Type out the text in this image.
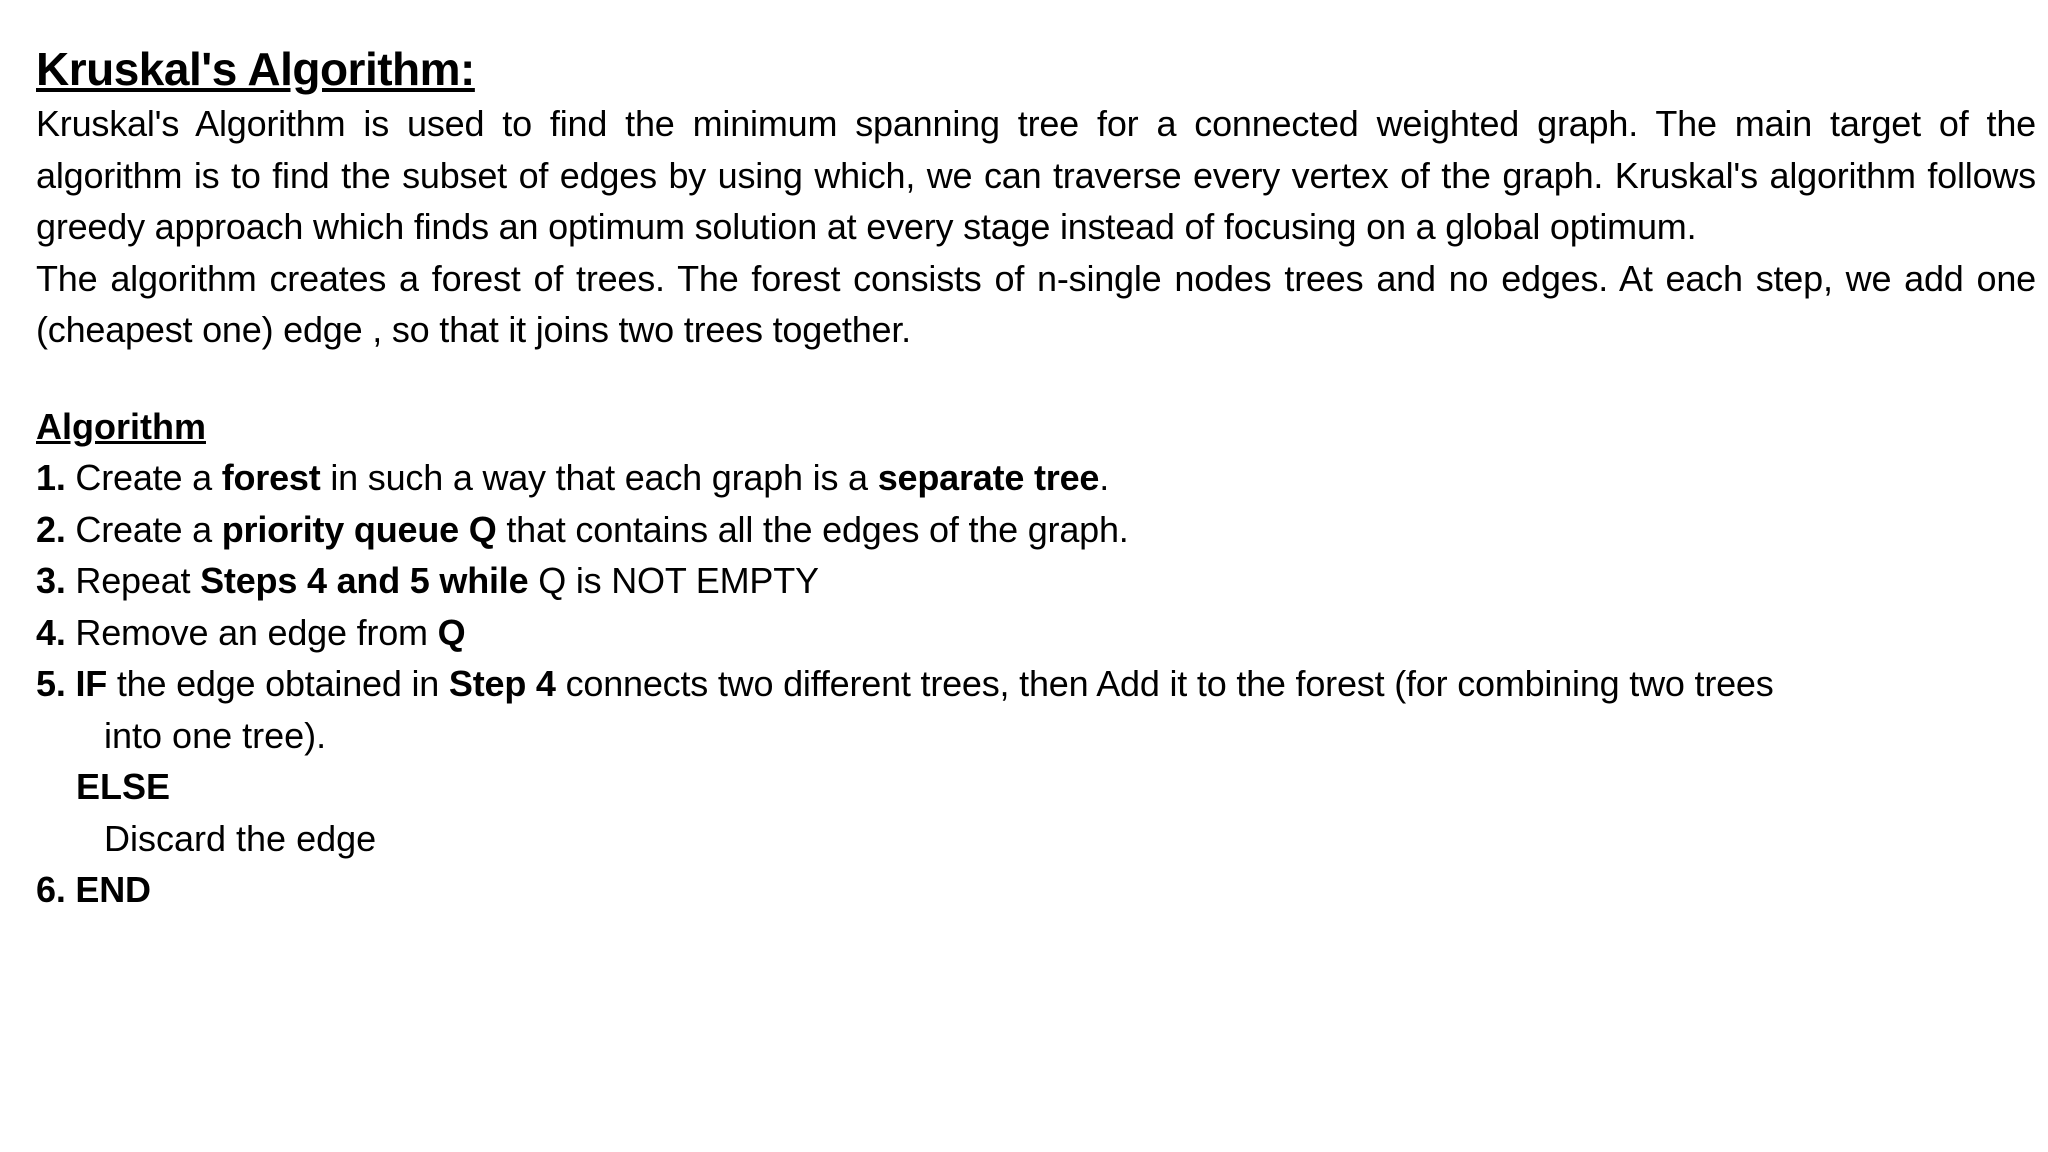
Kruskal's Algorithm:

Kruskal's Algorithm is used to find the minimum spanning tree for a connected weighted graph. The main target of the algorithm is to find the subset of edges by using which, we can traverse every vertex of the graph. Kruskal's algorithm follows greedy approach which finds an optimum solution at every stage instead of focusing on a global optimum.

The algorithm creates a forest of trees. The forest consists of n-single nodes trees and no edges. At each step, we add one (cheapest one) edge , so that it joins two trees together.

Algorithm

1. Create a forest in such a way that each graph is a separate tree.

2. Create a priority queue Q that contains all the edges of the graph.

3. Repeat Steps 4 and 5 while Q is NOT EMPTY

4. Remove an edge from Q

5. IF the edge obtained in Step 4 connects two different trees, then Add it to the forest (for combining two trees

into one tree).

ELSE

Discard the edge

6. END
